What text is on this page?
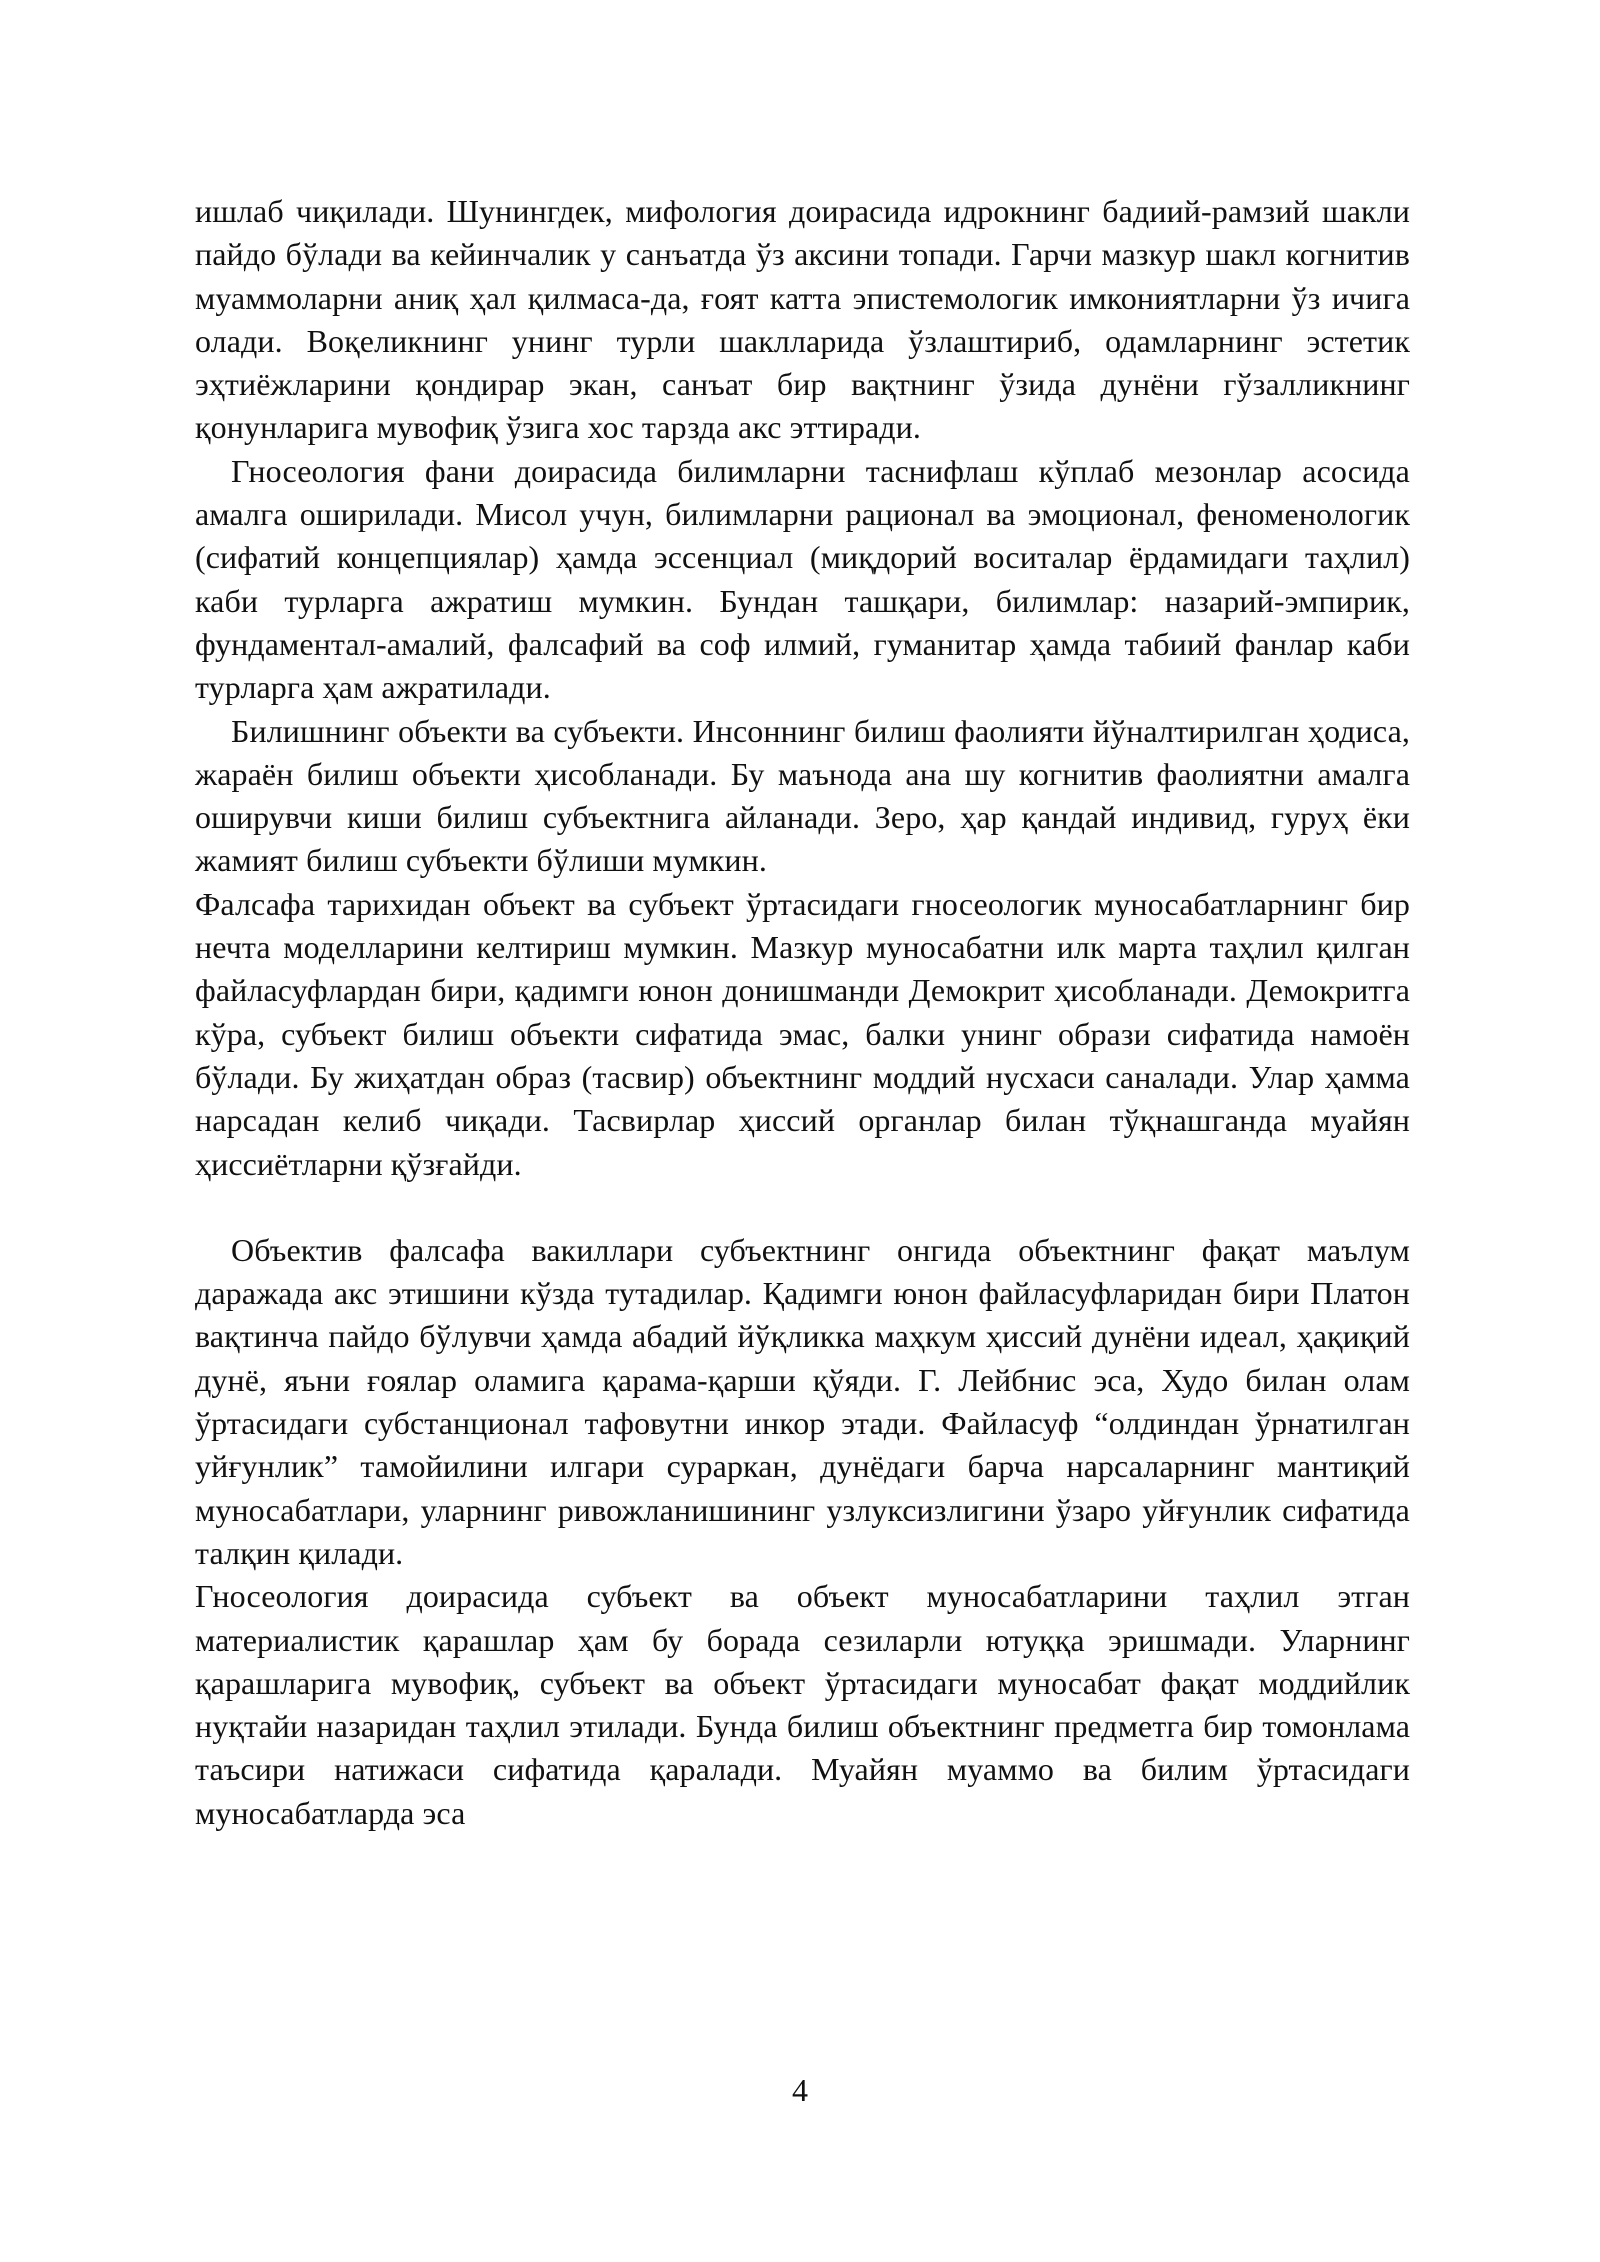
ишлаб чиқилади. Шунингдек, мифология доирасида идрокнинг бадиий-рамзий шакли пайдо бўлади ва кейинчалик у санъатда ўз аксини топади. Гарчи мазкур шакл когнитив муаммоларни аниқ ҳал қилмаса-да, ғоят катта эпистемологик имкониятларни ўз ичига олади. Воқеликнинг унинг турли шаклларида ўзлаштириб, одамларнинг эстетик эҳтиёжларини қондирар экан, санъат бир вақтнинг ўзида дунёни гўзалликнинг қонунларига мувофиқ ўзига хос тарзда акс эттиради.

Гносеология фани доирасида билимларни таснифлаш кўплаб мезонлар асосида амалга оширилади. Мисол учун, билимларни рационал ва эмоционал, феноменологик (сифатий концепциялар) ҳамда эссенциал (миқдорий воситалар ёрдамидаги таҳлил) каби турларга ажратиш мумкин. Бундан ташқари, билимлар: назарий-эмпирик, фундаментал-амалий, фалсафий ва соф илмий, гуманитар ҳамда табиий фанлар каби турларга ҳам ажратилади.

Билишнинг объекти ва субъекти. Инсоннинг билиш фаолияти йўналтирилган ҳодиса, жараён билиш объекти ҳисобланади. Бу маънода ана шу когнитив фаолиятни амалга оширувчи киши билиш субъектнига айланади. Зеро, ҳар қандай индивид, гуруҳ ёки жамият билиш субъекти бўлиши мумкин.

Фалсафа тарихидан объект ва субъект ўртасидаги гносеологик муносабатларнинг бир нечта моделларини келтириш мумкин. Мазкур муносабатни илк марта таҳлил қилган файласуфлардан бири, қадимги юнон донишманди Демокрит ҳисобланади. Демокритга кўра, субъект билиш объекти сифатида эмас, балки унинг образи сифатида намоён бўлади. Бу жиҳатдан образ (тасвир) объектнинг моддий нусхаси саналади. Улар ҳамма нарсадан келиб чиқади. Тасвирлар ҳиссий органлар билан тўқнашганда муайян ҳиссиётларни қўзғайди.

Объектив фалсафа вакиллари субъектнинг онгида объектнинг фақат маълум даражада акс этишини кўзда тутадилар. Қадимги юнон файласуфларидан бири Платон вақтинча пайдо бўлувчи ҳамда абадий йўқликка маҳкум ҳиссий дунёни идеал, ҳақиқий дунё, яъни ғоялар оламига қарама-қарши қўяди. Г. Лейбнис эса, Худо билан олам ўртасидаги субстанционал тафовутни инкор этади. Файласуф “олдиндан ўрнатилган уйғунлик” тамойилини илгари сураркан, дунёдаги барча нарсаларнинг мантиқий муносабатлари, уларнинг ривожланишининг узлуксизлигини ўзаро уйғунлик сифатида талқин қилади.

Гносеология доирасида субъект ва объект муносабатларини таҳлил этган материалистик қарашлар ҳам бу борада сезиларли ютуққа эришмади. Уларнинг қарашларига мувофиқ, субъект ва объект ўртасидаги муносабат фақат моддийлик нуқтайи назаридан таҳлил этилади. Бунда билиш объектнинг предметга бир томонлама таъсири натижаси сифатида қаралади. Муайян муаммо ва билим ўртасидаги муносабатларда эса

4
